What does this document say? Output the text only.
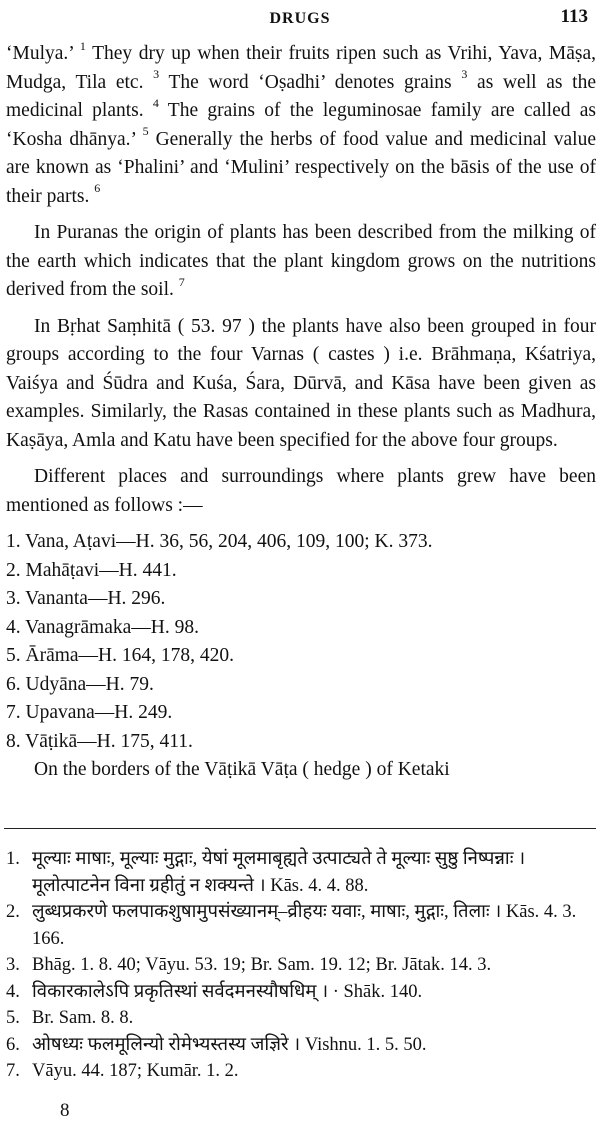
DRUGS	113

‘Mulya.’ $^1$ They dry up when their fruits ripen such as Vrihi, Yava, Māṣa, Mudga, Tila etc. $^3$ The word ‘Oṣadhi’ denotes grains $^3$ as well as the medicinal plants. $^4$ The grains of the leguminosae family are called as ‘Kosha dhānya.’ $^5$ Generally the herbs of food value and medicinal value are known as ‘Phalini’ and ‘Mulini’ respectively on the bāsis of the use of their parts. $^6$

In Puranas the origin of plants has been described from the milking of the earth which indicates that the plant kingdom grows on the nutritions derived from the soil. $^7$

In Bṛhat Saṃhitā ( 53. 97 ) the plants have also been grouped in four groups according to the four Varnas ( castes ) i.e. Brāhmaṇa, Kśatriya, Vaiśya and Śūdra and Kuśa, Śara, Dūrvā, and Kāsa have been given as examples. Similarly, the Rasas contained in these plants such as Madhura, Kaṣāya, Amla and Katu have been specified for the above four groups.

Different places and surroundings where plants grew have been mentioned as follows :—

1. Vana, Aṭavi—H. 36, 56, 204, 406, 109, 100; K. 373.
2. Mahāṭavi—H. 441.
3. Vananta—H. 296.
4. Vanagrāmaka—H. 98.
5. Ārāma—H. 164, 178, 420.
6. Udyāna—H. 79.
7. Upavana—H. 249.
8. Vāṭikā—H. 175, 411.

On the borders of the Vāṭikā Vāṭa ( hedge ) of Ketaki

1. मूल्याः माषाः, मूल्याः मुद्गाः, येषां मूलमाबृह्यते उत्पाट्यते ते मूल्याः सुष्ठु निष्पन्नाः । मूलोत्पाटनेन विना ग्रहीतुं न शक्यन्ते । Kās. 4. 4. 88.
2. लुब्धप्रकरणे फलपाकशुषामुपसंख्यानम्–व्रीहयः यवाः, माषाः, मुद्गाः, तिलाः । Kās. 4. 3. 166.
3. Bhāg. 1. 8. 40; Vāyu. 53. 19; Br. Sam. 19. 12; Br. Jātak. 14. 3.
4. विकारकालेऽपि प्रकृतिस्थां सर्वदमनस्यौषधिम् । · Shāk. 140.
5. Br. Sam. 8. 8.
6. ओषध्यः फलमूलिन्यो रोमेभ्यस्तस्य जज्ञिरे । Vishnu. 1. 5. 50.
7. Vāyu. 44. 187; Kumār. 1. 2.
8
